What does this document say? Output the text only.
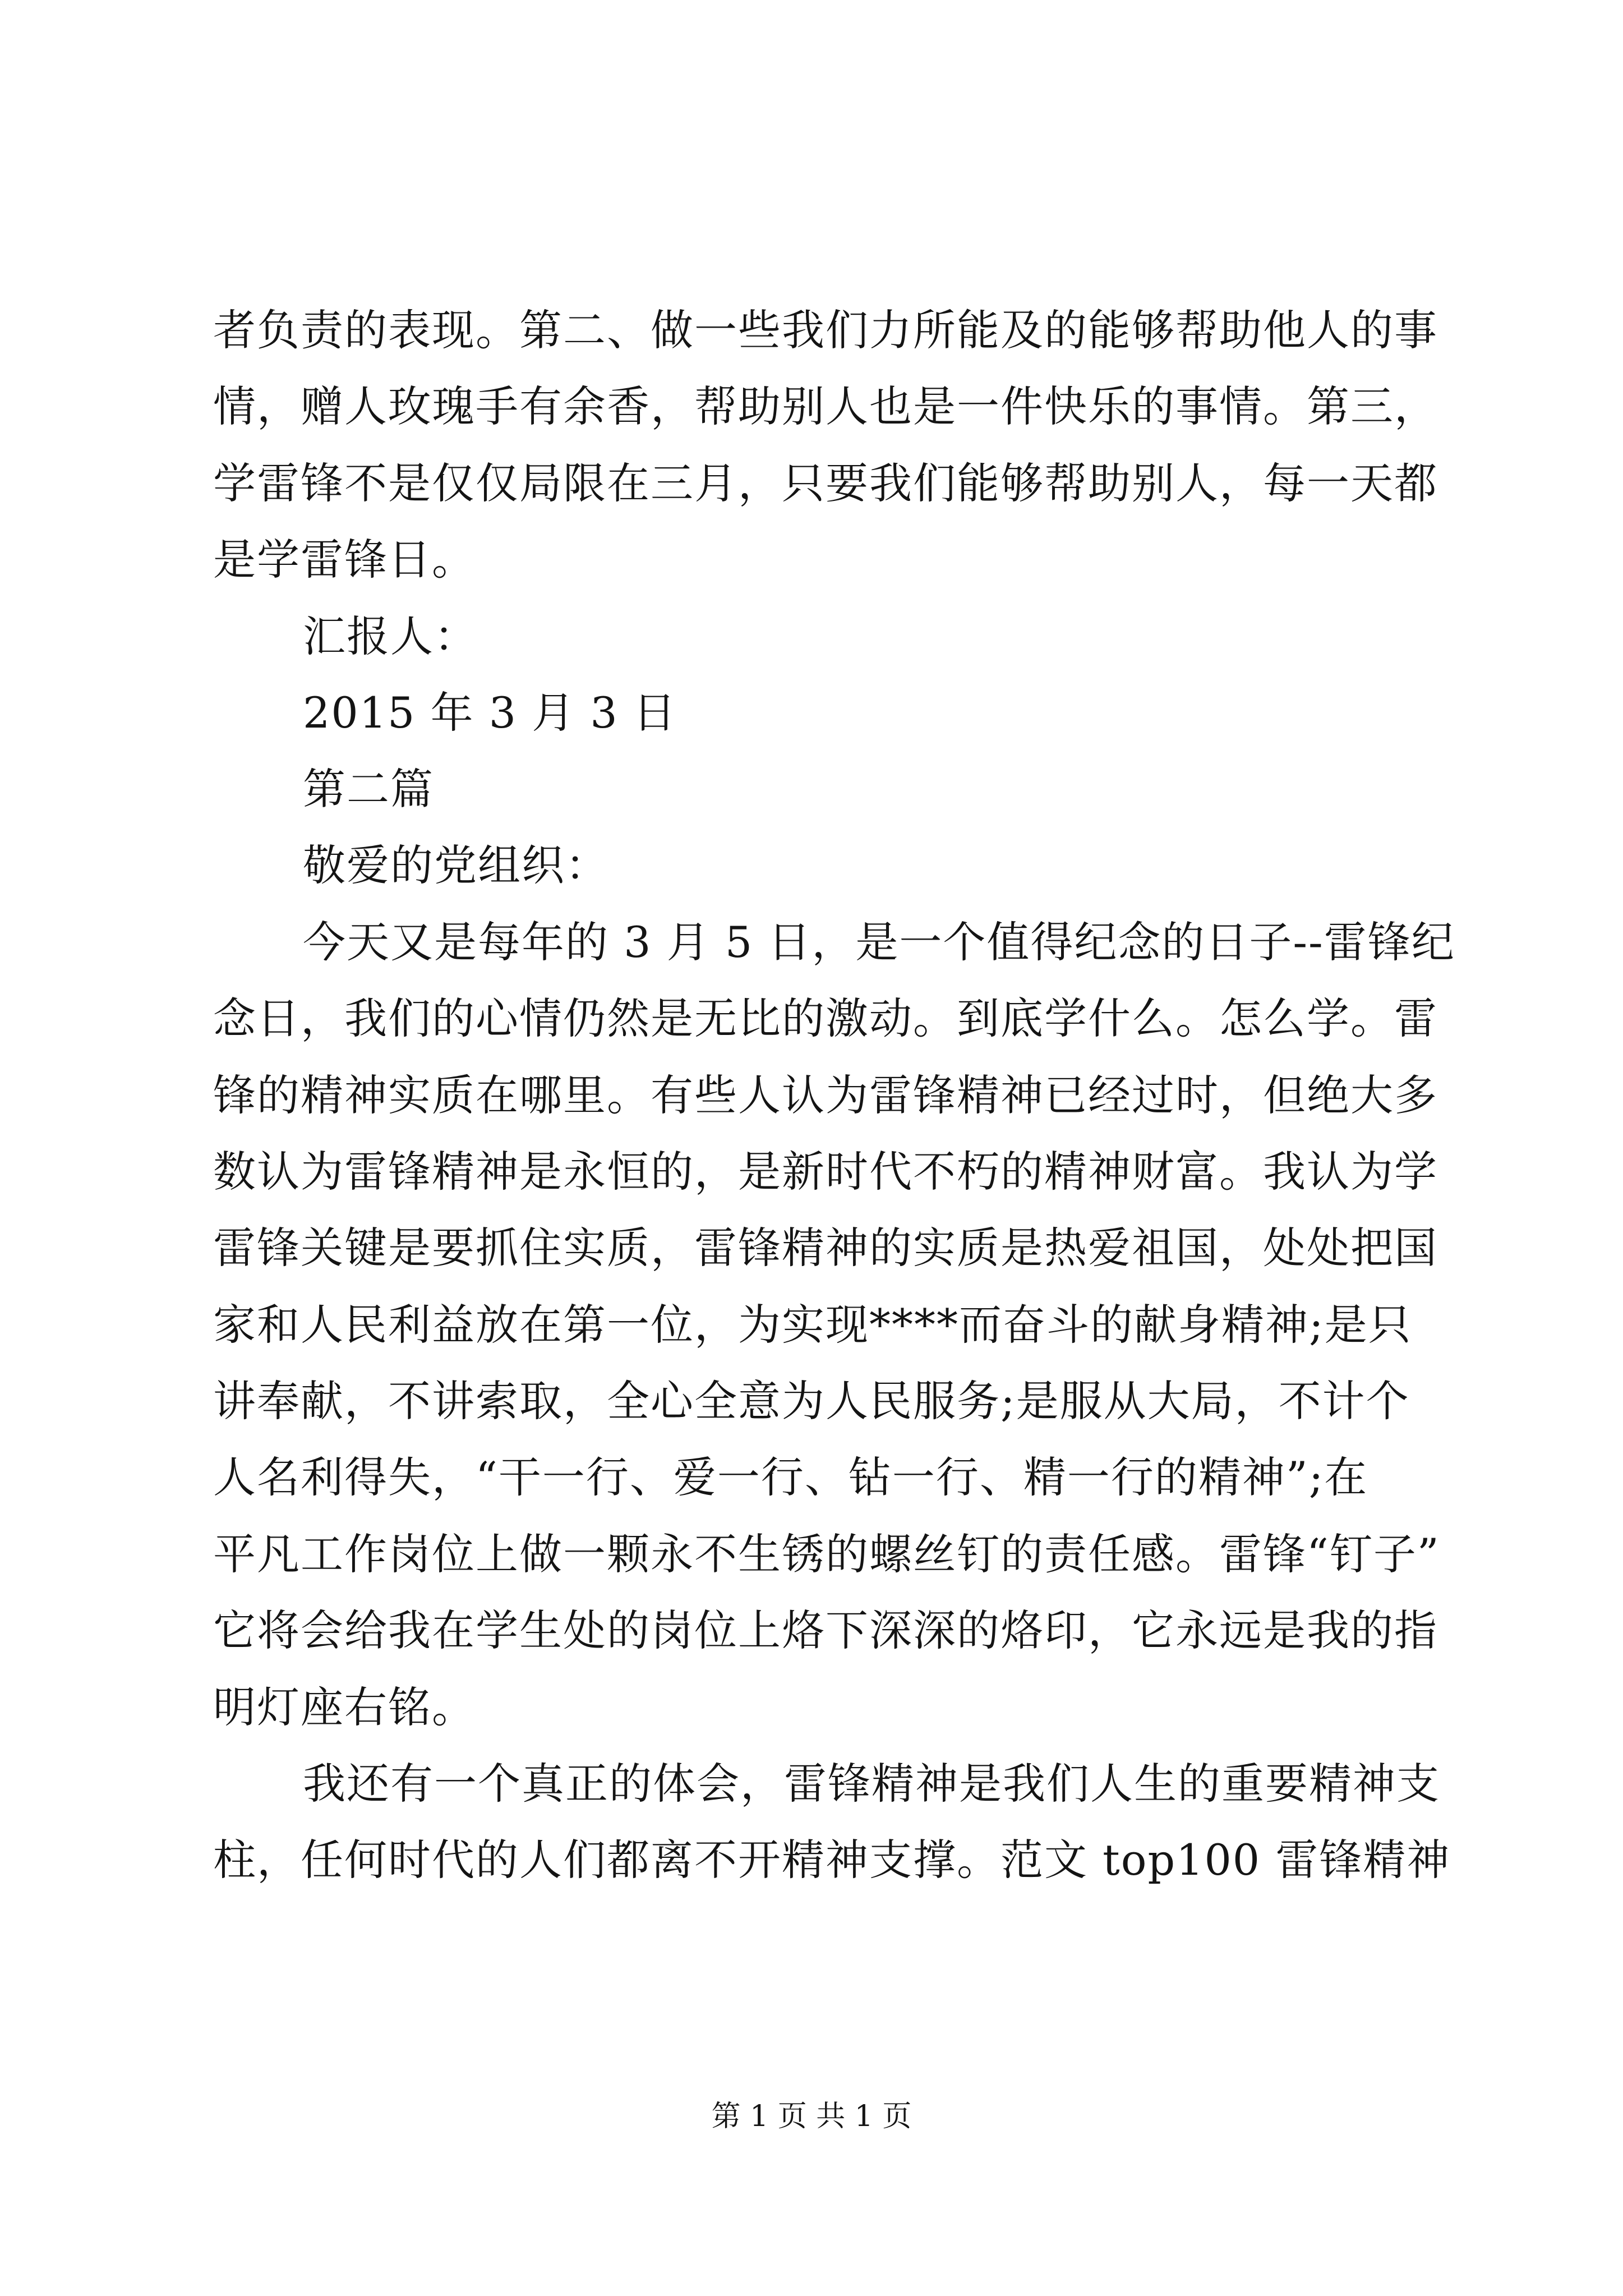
者负责的表现。第二、做一些我们力所能及的能够帮助他人的事
情，赠人玫瑰手有余香，帮助别人也是一件快乐的事情。第三，
学雷锋不是仅仅局限在三月，只要我们能够帮助别人，每一天都
是学雷锋日。
汇报人：
2015 年 3 月 3 日
第二篇
敬爱的党组织：
今天又是每年的 3 月 5 日，是一个值得纪念的日子--雷锋纪
念日，我们的心情仍然是无比的激动。到底学什么。怎么学。雷
锋的精神实质在哪里。有些人认为雷锋精神已经过时，但绝大多
数认为雷锋精神是永恒的，是新时代不朽的精神财富。我认为学
雷锋关键是要抓住实质，雷锋精神的实质是热爱祖国，处处把国
家和人民利益放在第一位，为实现****而奋斗的献身精神;是只
讲奉献，不讲索取，全心全意为人民服务;是服从大局，不计个
人名利得失，“干一行、爱一行、钻一行、精一行的精神”;在
平凡工作岗位上做一颗永不生锈的螺丝钉的责任感。雷锋“钉子”
它将会给我在学生处的岗位上烙下深深的烙印，它永远是我的指
明灯座右铭。
我还有一个真正的体会，雷锋精神是我们人生的重要精神支
柱，任何时代的人们都离不开精神支撑。范文 top100 雷锋精神
第 1 页 共 1 页
